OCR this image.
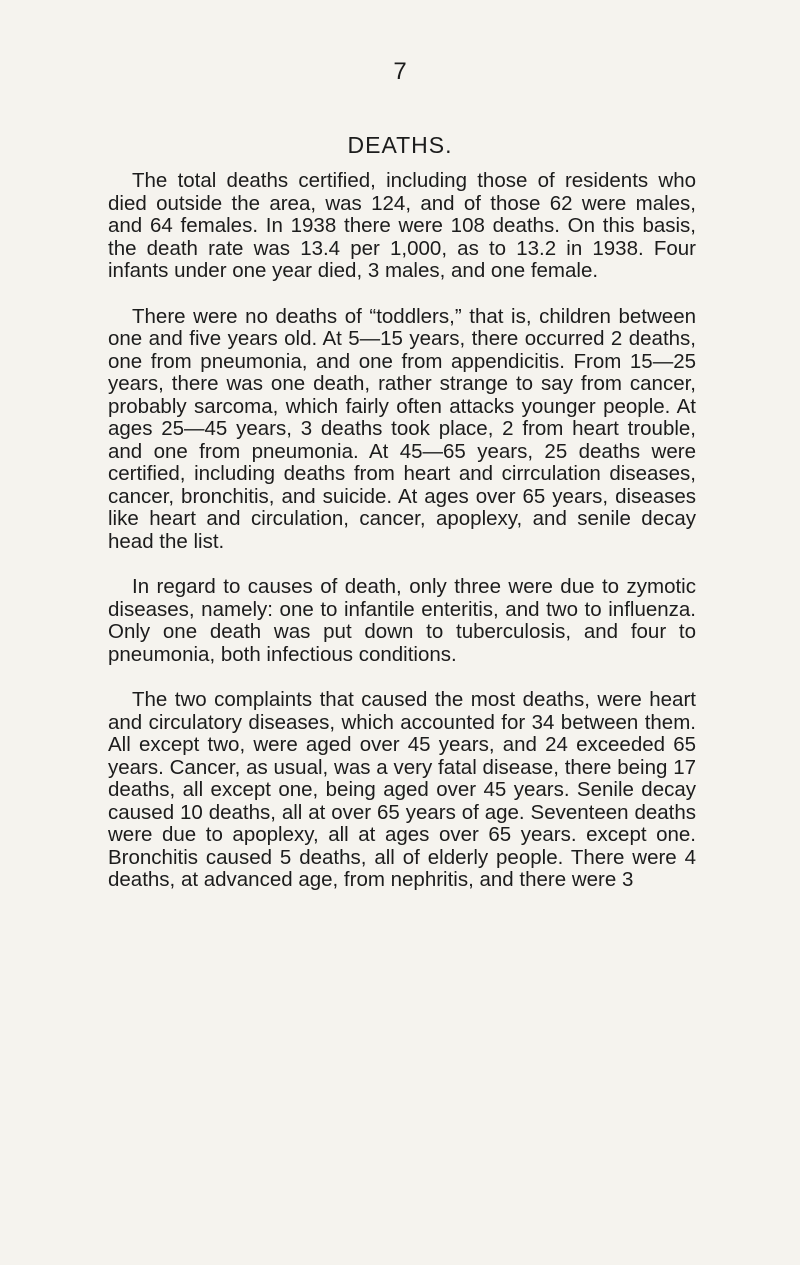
7
DEATHS.

The total deaths certified, including those of residents who died outside the area, was 124, and of those 62 were males, and 64 females. In 1938 there were 108 deaths. On this basis, the death rate was 13.4 per 1,000, as to 13.2 in 1938. Four infants under one year died, 3 males, and one female.

There were no deaths of “toddlers,” that is, children between one and five years old. At 5—15 years, there occurred 2 deaths, one from pneumonia, and one from appendicitis. From 15—25 years, there was one death, rather strange to say from cancer, probably sarcoma, which fairly often attacks younger people. At ages 25—45 years, 3 deaths took place, 2 from heart trouble, and one from pneumonia. At 45—65 years, 25 deaths were certified, including deaths from heart and cirrculation diseases, cancer, bronchitis, and suicide. At ages over 65 years, diseases like heart and circulation, cancer, apoplexy, and senile decay head the list.

In regard to causes of death, only three were due to zymotic diseases, namely: one to infantile enteritis, and two to influenza. Only one death was put down to tuberculosis, and four to pneumonia, both infectious conditions.

The two complaints that caused the most deaths, were heart and circulatory diseases, which accounted for 34 between them. All except two, were aged over 45 years, and 24 exceeded 65 years. Cancer, as usual, was a very fatal disease, there being 17 deaths, all except one, being aged over 45 years. Senile decay caused 10 deaths, all at over 65 years of age. Seventeen deaths were due to apoplexy, all at ages over 65 years. except one. Bronchitis caused 5 deaths, all of elderly people. There were 4 deaths, at advanced age, from nephritis, and there were 3
